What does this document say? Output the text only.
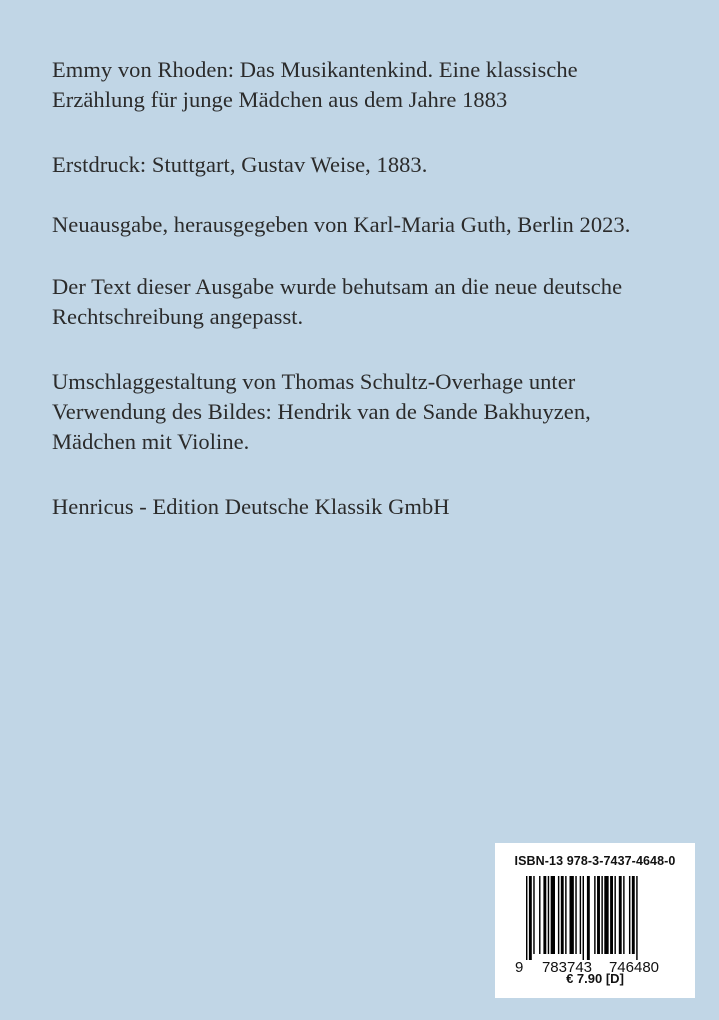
Emmy von Rhoden: Das Musikantenkind. Eine klassische
Erzählung für junge Mädchen aus dem Jahre 1883

Erstdruck: Stuttgart, Gustav Weise, 1883.

Neuausgabe, herausgegeben von Karl-Maria Guth, Berlin 2023.

Der Text dieser Ausgabe wurde behutsam an die neue deutsche
Rechtschreibung angepasst.

Umschlaggestaltung von Thomas Schultz-Overhage unter
Verwendung des Bildes: Hendrik van de Sande Bakhuyzen,
Mädchen mit Violine.

Henricus - Edition Deutsche Klassik GmbH

ISBN-13 978-3-7437-4648-0
9 783743 746480
€ 7.90 [D]
